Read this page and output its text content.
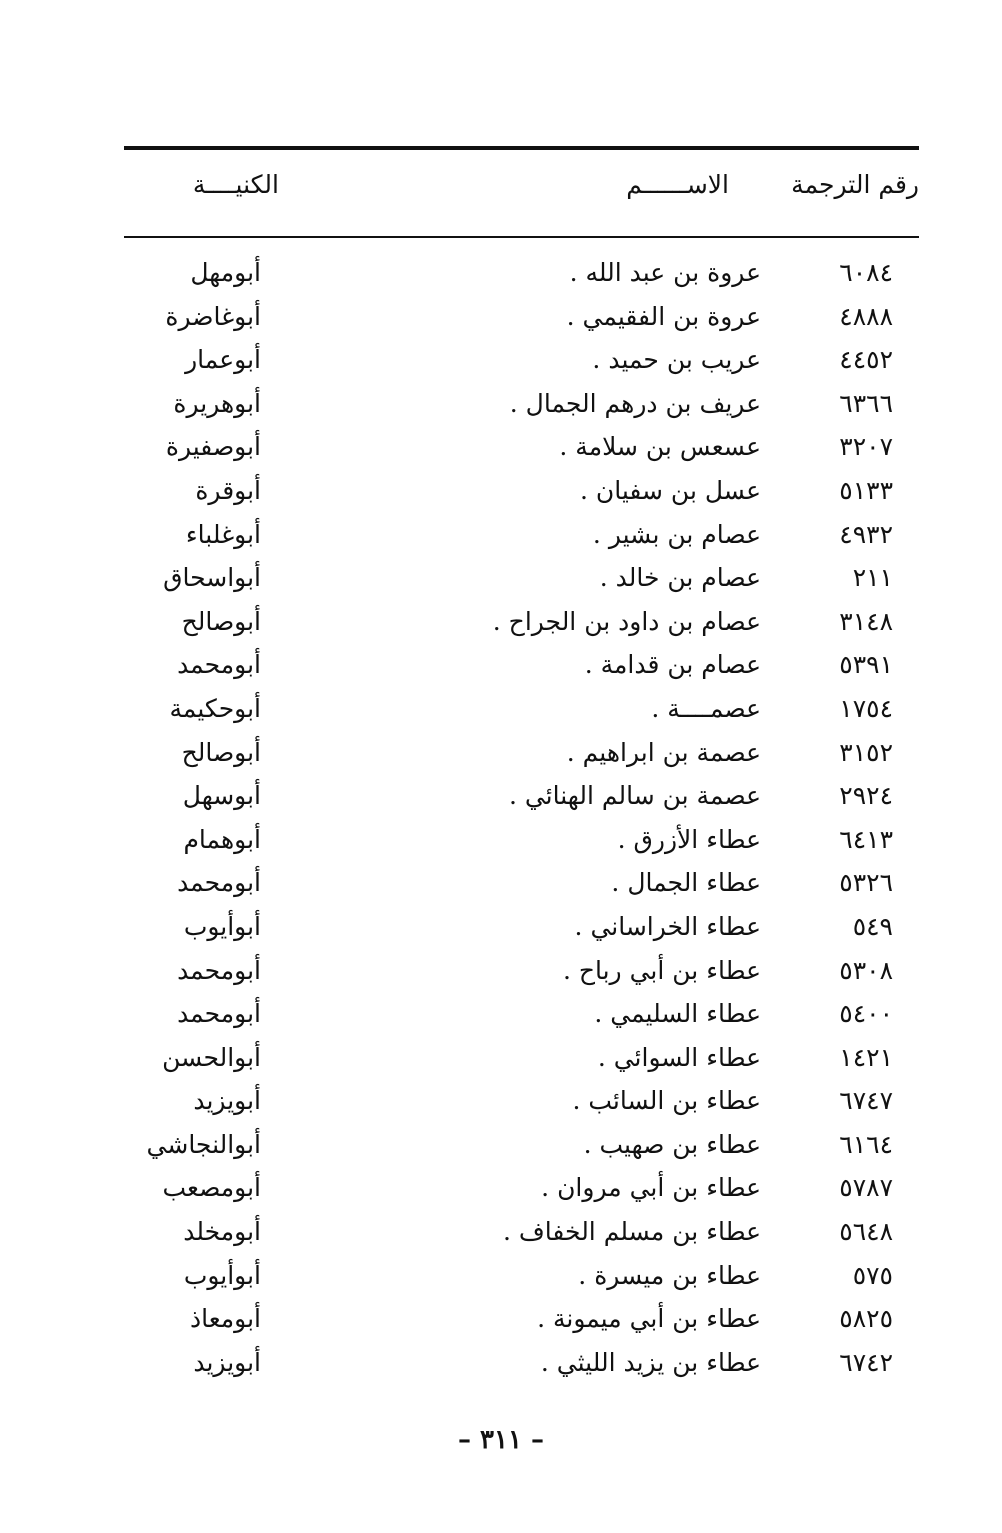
رقم الترجمة
الاســــــم
الكنيــــة
٦٠٨٤
عروة بن عبد الله .
أبومهل
٤٨٨٨
عروة بن الفقيمي .
أبوغاضرة
٤٤٥٢
عريب بن حميد .
أبوعمار
٦٣٦٦
عريف بن درهم الجمال .
أبوهريرة
٣٢٠٧
عسعس بن سلامة .
أبوصفيرة
٥١٣٣
عسل بن سفيان .
أبوقرة
٤٩٣٢
عصام بن بشير .
أبوغلباء
٢١١
عصام بن خالد .
أبواسحاق
٣١٤٨
عصام بن داود بن الجراح .
أبوصالح
٥٣٩١
عصام بن قدامة .
أبومحمد
١٧٥٤
عصمــــة .
أبوحكيمة
٣١٥٢
عصمة بن ابراهيم .
أبوصالح
٢٩٢٤
عصمة بن سالم الهنائي .
أبوسهل
٦٤١٣
عطاء الأزرق .
أبوهمام
٥٣٢٦
عطاء الجمال .
أبومحمد
٥٤٩
عطاء الخراساني .
أبوأيوب
٥٣٠٨
عطاء بن أبي رباح .
أبومحمد
٥٤٠٠
عطاء السليمي .
أبومحمد
١٤٢١
عطاء السوائي .
أبوالحسن
٦٧٤٧
عطاء بن السائب .
أبويزيد
٦١٦٤
عطاء بن صهيب .
أبوالنجاشي
٥٧٨٧
عطاء بن أبي مروان .
أبومصعب
٥٦٤٨
عطاء بن مسلم الخفاف .
أبومخلد
٥٧٥
عطاء بن ميسرة .
أبوأيوب
٥٨٢٥
عطاء بن أبي ميمونة .
أبومعاذ
٦٧٤٢
عطاء بن يزيد الليثي .
أبويزيد
– ٣١١ –
